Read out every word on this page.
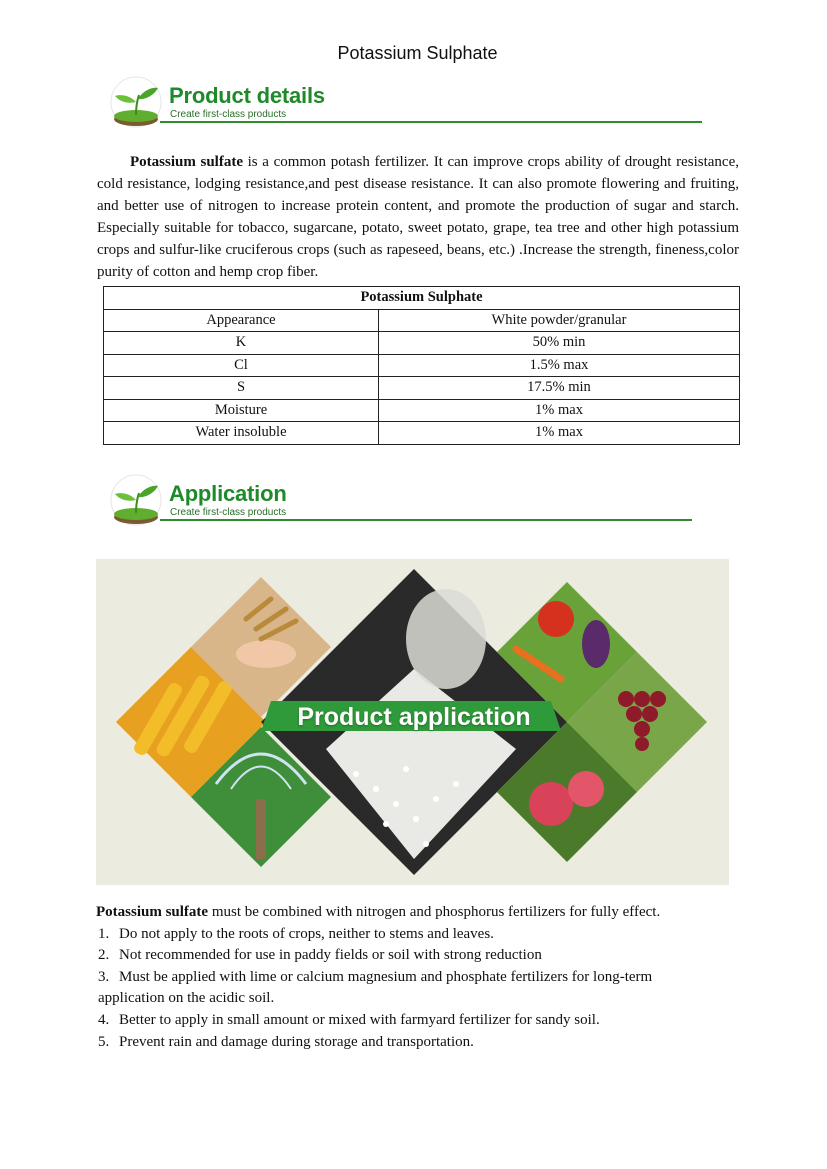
Potassium Sulphate
Product details
Create first-class products
Potassium sulfate is a common potash fertilizer. It can improve crops ability of drought resistance, cold resistance, lodging resistance,and pest disease resistance. It can also promote flowering and fruiting, and better use of nitrogen to increase protein content, and promote the production of sugar and starch. Especially suitable for tobacco, sugarcane, potato, sweet potato, grape, tea tree and other high potassium crops and sulfur-like cruciferous crops (such as rapeseed, beans, etc.) .Increase the strength, fineness,color purity of cotton and hemp crop fiber.
Potassium Sulphate	
Appearance	White powder/granular
K	50% min
Cl	1.5% max
S	17.5% min
Moisture	1% max
Water insoluble	1% max
Application
Create first-class products
Product application

Potassium sulfate must be combined with nitrogen and phosphorus fertilizers for fully effect.

1. Do not apply to the roots of crops, neither to stems and leaves.

2. Not recommended for use in paddy fields or soil with strong reduction

3. Must be applied with lime or calcium magnesium and phosphate fertilizers for long-term

application on the acidic soil.

4. Better to apply in small amount or mixed with farmyard fertilizer for sandy soil.

5. Prevent rain and damage during storage and transportation.
